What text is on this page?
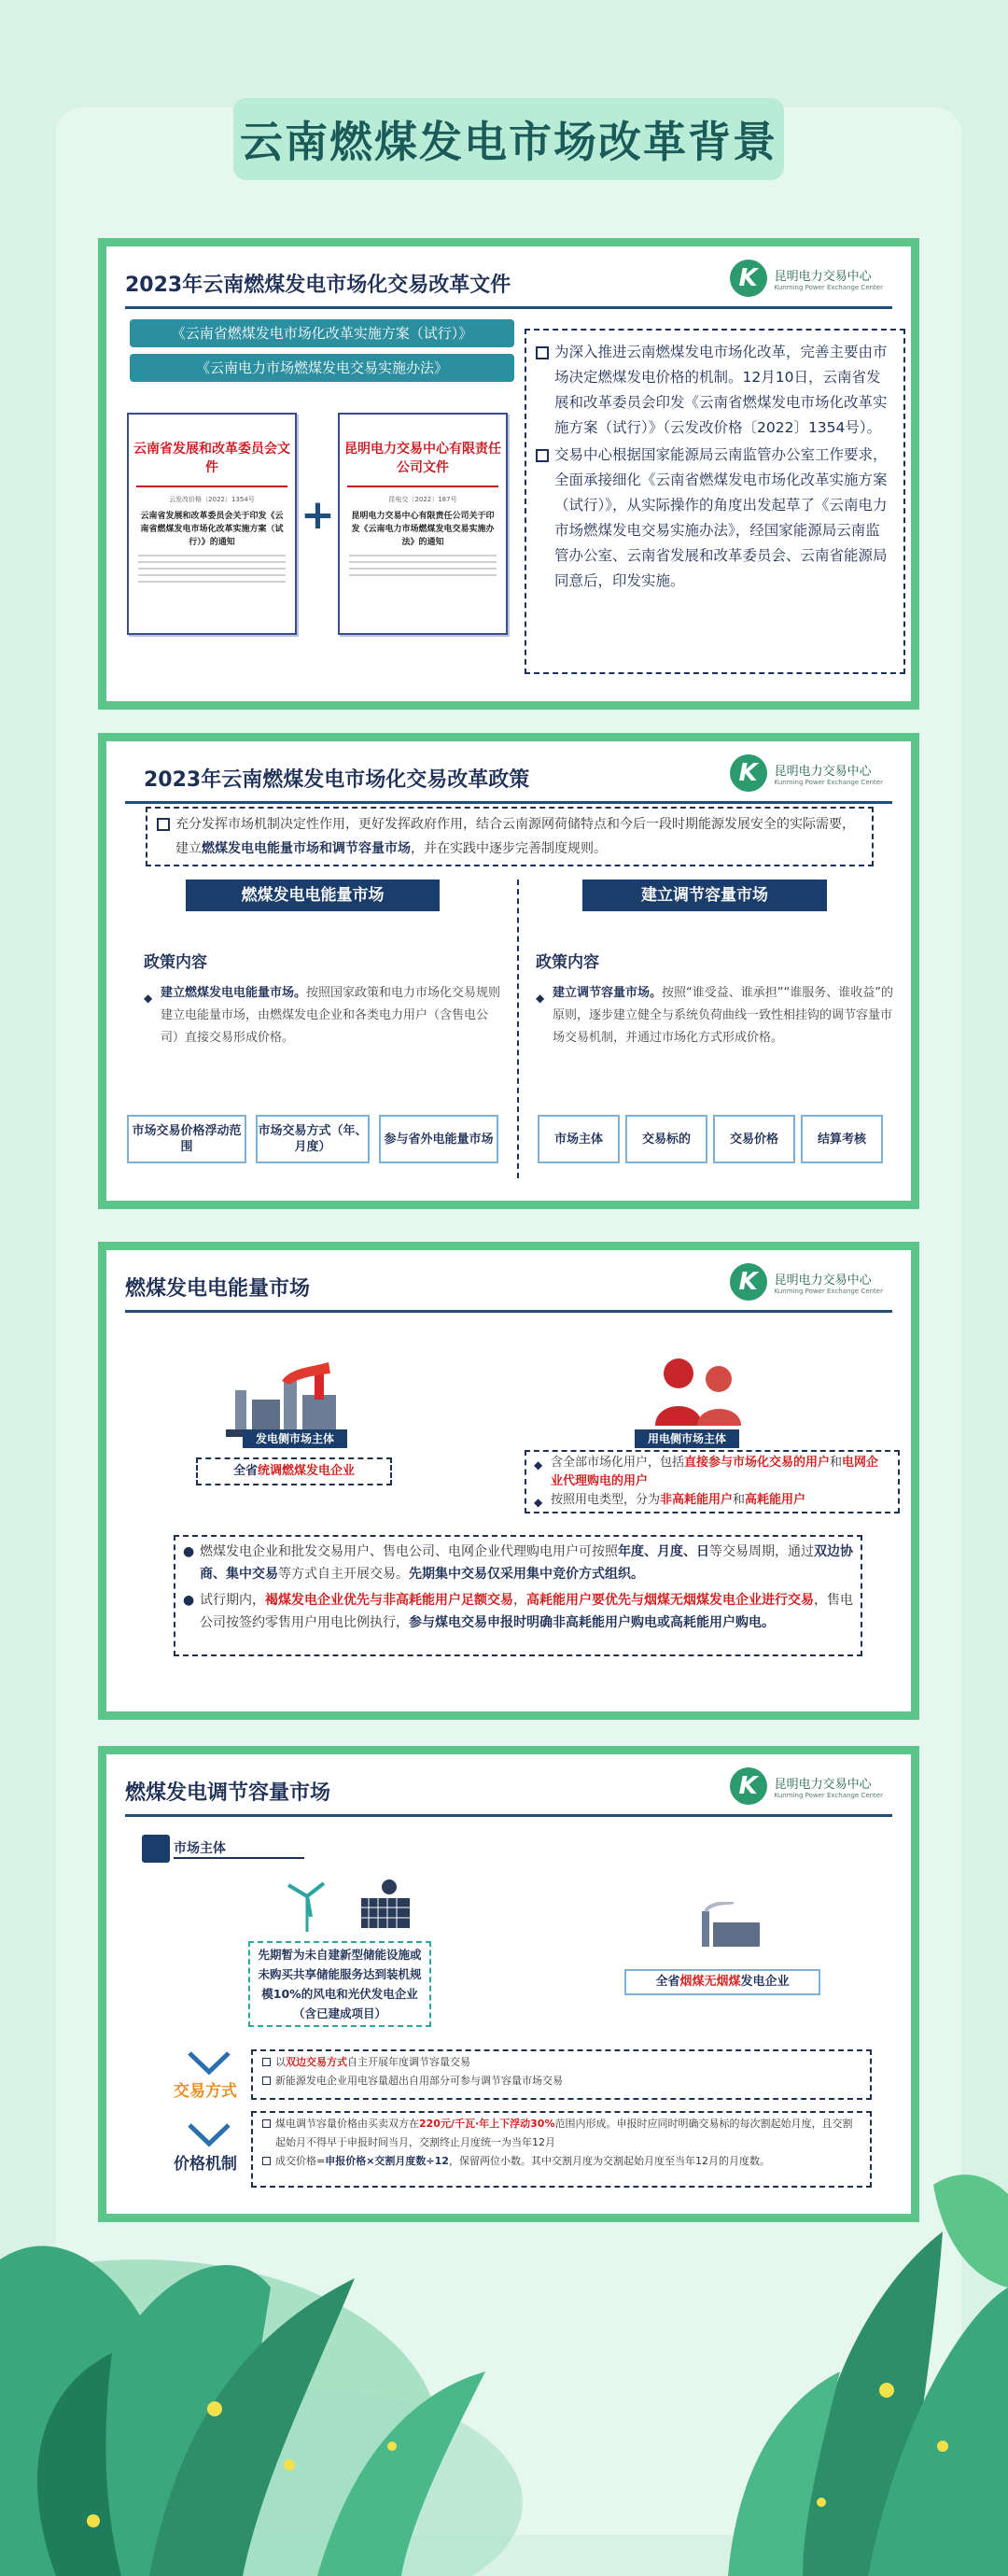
云南燃煤发电市场改革背景
2023年云南燃煤发电市场化交易改革文件	K	昆明电力交易中心
Kunming Power Exchange Center
《云南省燃煤发电市场化改革实施方案（试行）》
《云南电力市场燃煤发电交易实施办法》
云南省发展和改革委员会文件
云发改价格〔2022〕1354号
云南省发展和改革委员会关于印发《云南省燃煤发电市场化改革实施方案（试行）》的通知
+
昆明电力交易中心有限责任公司文件
昆电交〔2022〕187号
昆明电力交易中心有限责任公司关于印发《云南电力市场燃煤发电交易实施办法》的通知
为深入推进云南燃煤发电市场化改革，完善主要由市场决定燃煤发电价格的机制。12月10日，云南省发展和改革委员会印发《云南省燃煤发电市场化改革实施方案（试行）》（云发改价格〔2022〕1354号）。
交易中心根据国家能源局云南监管办公室工作要求，全面承接细化《云南省燃煤发电市场化改革实施方案（试行）》，从实际操作的角度出发起草了《云南电力市场燃煤发电交易实施办法》，经国家能源局云南监管办公室、云南省发展和改革委员会、云南省能源局同意后，印发实施。
2023年云南燃煤发电市场化交易改革政策	K	昆明电力交易中心
Kunming Power Exchange Center
充分发挥市场机制决定性作用，更好发挥政府作用，结合云南源网荷储特点和今后一段时期能源发展安全的实际需要，建立燃煤发电电能量市场和调节容量市场，并在实践中逐步完善制度规则。
燃煤发电电能量市场
政策内容
◆ 建立燃煤发电电能量市场。按照国家政策和电力市场化交易规则建立电能量市场，由燃煤发电企业和各类电力用户（含售电公司）直接交易形成价格。
市场交易价格浮动范围
市场交易方式（年、月度）
参与省外电能量市场
建立调节容量市场
政策内容
◆ 建立调节容量市场。按照“谁受益、谁承担”“谁服务、谁收益”的原则，逐步建立健全与系统负荷曲线一致性相挂钩的调节容量市场交易机制，并通过市场化方式形成价格。
市场主体	交易标的	交易价格	结算考核
燃煤发电电能量市场	K	昆明电力交易中心
Kunming Power Exchange Center
发电侧市场主体
全省统调燃煤发电企业
用电侧市场主体
◆ 含全部市场化用户，包括直接参与市场化交易的用户和电网企业代理购电的用户
◆ 按照用电类型，分为非高耗能用户和高耗能用户
● 燃煤发电企业和批发交易用户、售电公司、电网企业代理购电用户可按照年度、月度、日等交易周期，通过双边协商、集中交易等方式自主开展交易。先期集中交易仅采用集中竞价方式组织。
● 试行期内，褐煤发电企业优先与非高耗能用户足额交易，高耗能用户要优先与烟煤无烟煤发电企业进行交易，售电公司按签约零售用户用电比例执行，参与煤电交易申报时明确非高耗能用户购电或高耗能用户购电。
燃煤发电调节容量市场	K	昆明电力交易中心
Kunming Power Exchange Center
市场主体
先期暂为未自建新型储能设施或未购买共享储能服务达到装机规模10%的风电和光伏发电企业（含已建成项目）
全省烟煤无烟煤发电企业
交易方式
以双边交易方式自主开展年度调节容量交易
新能源发电企业用电容量超出自用部分可参与调节容量市场交易
价格机制
煤电调节容量价格由买卖双方在220元/千瓦·年上下浮动30%范围内形成。申报时应同时明确交易标的每次割起始月度，且交割起始月不得早于申报时间当月，交割终止月度统一为当年12月
成交价格=申报价格×交割月度数÷12，保留两位小数。其中交割月度为交割起始月度至当年12月的月度数。
